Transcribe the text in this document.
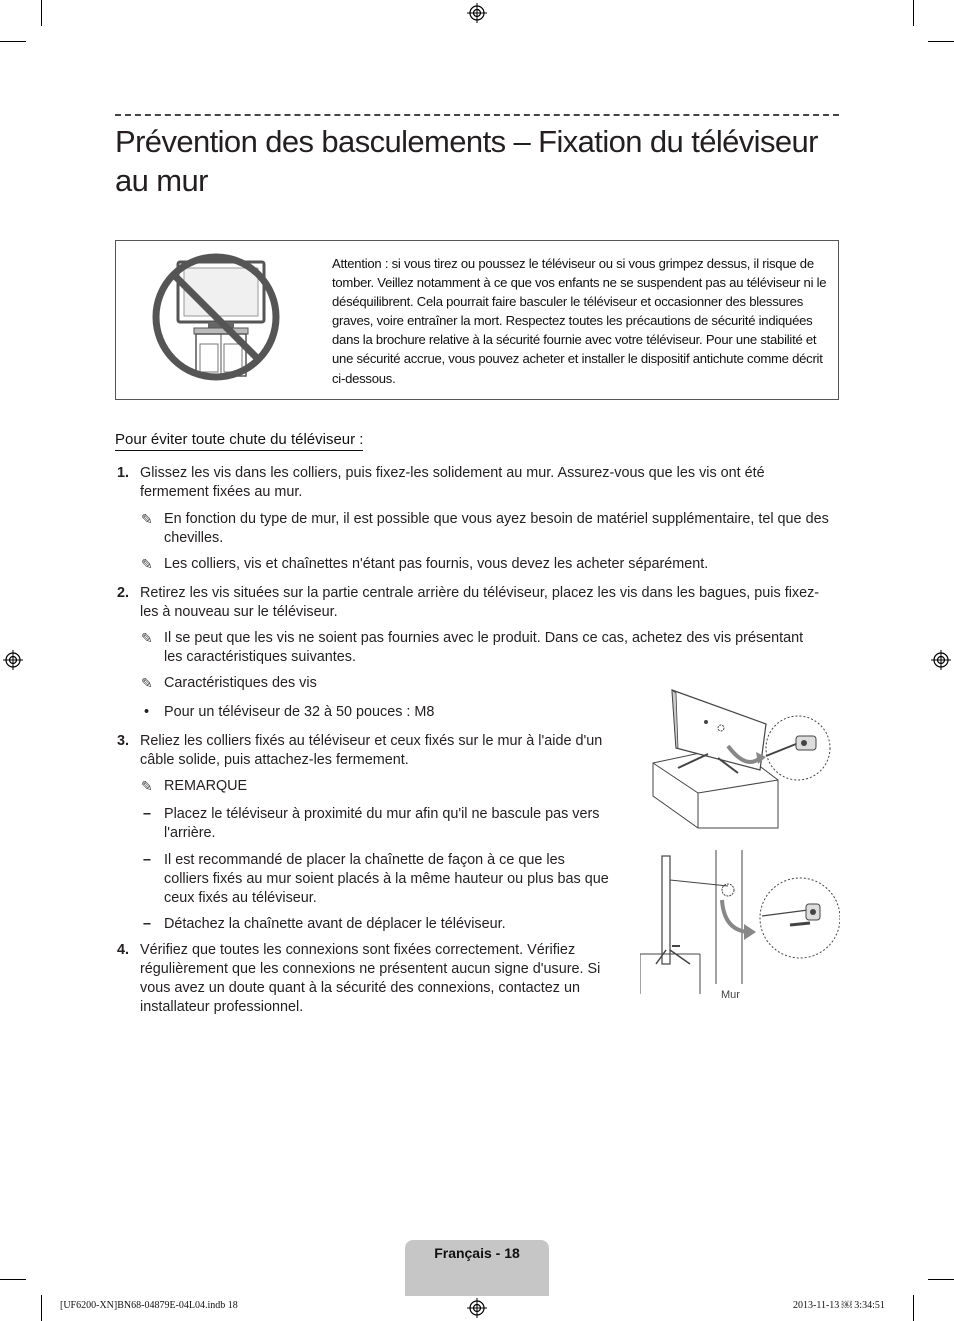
Prévention des basculements – Fixation du téléviseur au mur
Attention : si vous tirez ou poussez le téléviseur ou si vous grimpez dessus, il risque de tomber. Veillez notamment à ce que vos enfants ne se suspendent pas au téléviseur ni le déséquilibrent. Cela pourrait faire basculer le téléviseur et occasionner des blessures graves, voire entraîner la mort. Respectez toutes les précautions de sécurité indiquées dans la brochure relative à la sécurité fournie avec votre téléviseur. Pour une stabilité et une sécurité accrue, vous pouvez acheter et installer le dispositif antichute comme décrit ci-dessous.
Pour éviter toute chute du téléviseur :
1. Glissez les vis dans les colliers, puis fixez-les solidement au mur. Assurez-vous que les vis ont été fermement fixées au mur.
✎ En fonction du type de mur, il est possible que vous ayez besoin de matériel supplémentaire, tel que des chevilles.
✎ Les colliers, vis et chaînettes n'étant pas fournis, vous devez les acheter séparément.
2. Retirez les vis situées sur la partie centrale arrière du téléviseur, placez les vis dans les bagues, puis fixez-les à nouveau sur le téléviseur.
✎ Il se peut que les vis ne soient pas fournies avec le produit. Dans ce cas, achetez des vis présentant les caractéristiques suivantes.
✎ Caractéristiques des vis
• Pour un téléviseur de 32 à 50 pouces : M8
3. Reliez les colliers fixés au téléviseur et ceux fixés sur le mur à l'aide d'un câble solide, puis attachez-les fermement.
✎ REMARQUE
– Placez le téléviseur à proximité du mur afin qu'il ne bascule pas vers l'arrière.
– Il est recommandé de placer la chaînette de façon à ce que les colliers fixés au mur soient placés à la même hauteur ou plus bas que ceux fixés au téléviseur.
– Détachez la chaînette avant de déplacer le téléviseur.
4. Vérifiez que toutes les connexions sont fixées correctement. Vérifiez régulièrement que les connexions ne présentent aucun signe d'usure. Si vous avez un doute quant à la sécurité des connexions, contactez un installateur professionnel.
Mur
Français - 18
[UF6200-XN]BN68-04879E-04L04.indb 18	2013-11-13 ￼ 3:34:51
